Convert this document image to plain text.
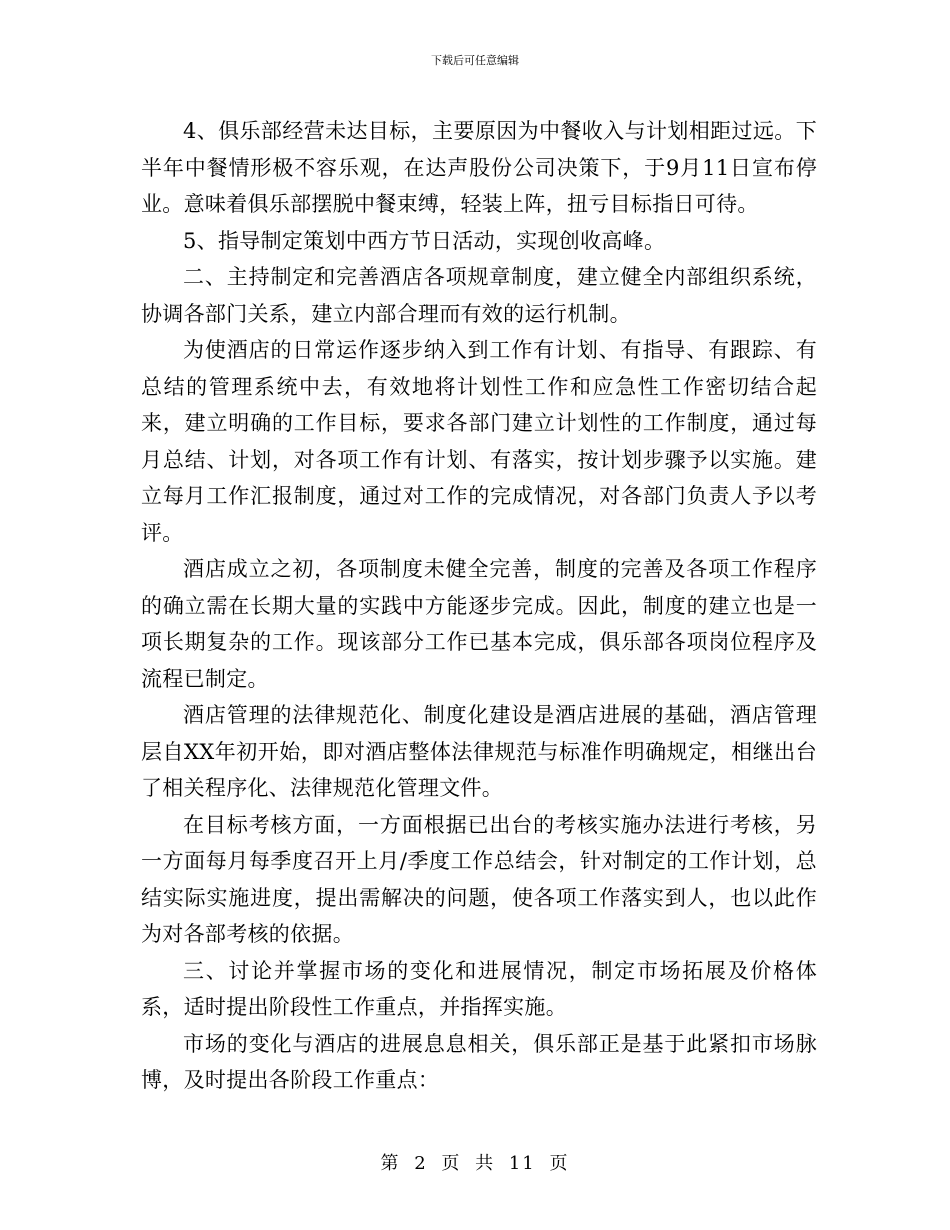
下载后可任意编辑

4、俱乐部经营未达目标，主要原因为中餐收入与计划相距过远。下半年中餐情形极不容乐观，在达声股份公司决策下，于9月11日宣布停业。意味着俱乐部摆脱中餐束缚，轻装上阵，扭亏目标指日可待。

5、指导制定策划中西方节日活动，实现创收高峰。

二、主持制定和完善酒店各项规章制度，建立健全内部组织系统，协调各部门关系，建立内部合理而有效的运行机制。

为使酒店的日常运作逐步纳入到工作有计划、有指导、有跟踪、有总结的管理系统中去，有效地将计划性工作和应急性工作密切结合起来，建立明确的工作目标，要求各部门建立计划性的工作制度，通过每月总结、计划，对各项工作有计划、有落实，按计划步骤予以实施。建立每月工作汇报制度，通过对工作的完成情况，对各部门负责人予以考评。

酒店成立之初，各项制度未健全完善，制度的完善及各项工作程序的确立需在长期大量的实践中方能逐步完成。因此，制度的建立也是一项长期复杂的工作。现该部分工作已基本完成，俱乐部各项岗位程序及流程已制定。

酒店管理的法律规范化、制度化建设是酒店进展的基础，酒店管理层自XX年初开始，即对酒店整体法律规范与标准作明确规定，相继出台了相关程序化、法律规范化管理文件。

在目标考核方面，一方面根据已出台的考核实施办法进行考核，另一方面每月每季度召开上月/季度工作总结会，针对制定的工作计划，总结实际实施进度，提出需解决的问题，使各项工作落实到人，也以此作为对各部考核的依据。

三、讨论并掌握市场的变化和进展情况，制定市场拓展及价格体系，适时提出阶段性工作重点，并指挥实施。

市场的变化与酒店的进展息息相关，俱乐部正是基于此紧扣市场脉博，及时提出各阶段工作重点：

第 2 页 共 11 页
